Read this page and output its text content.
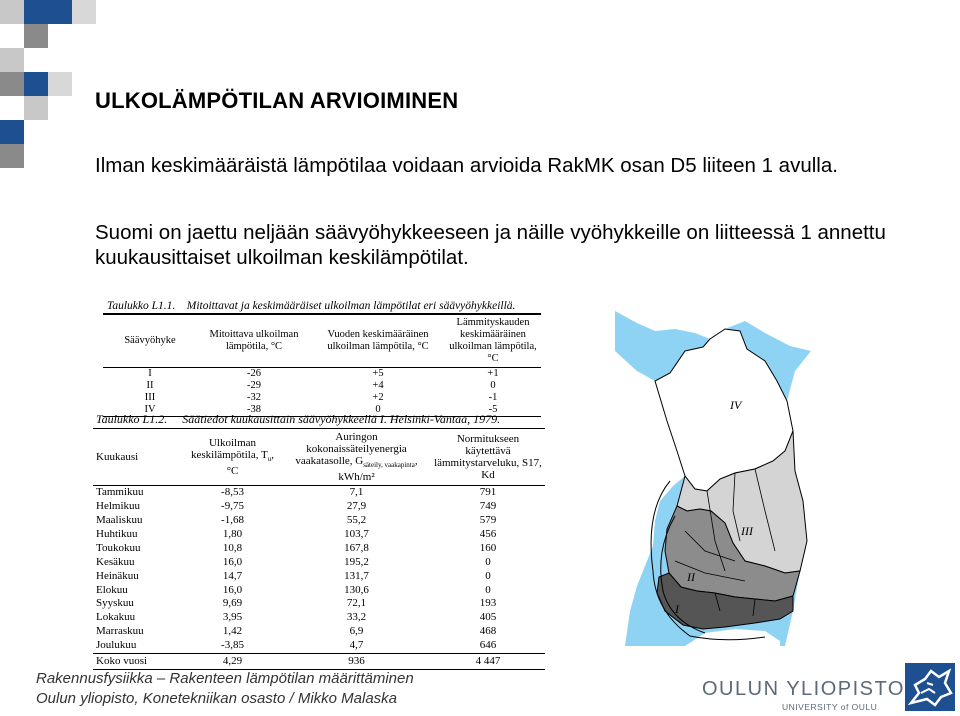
ULKOLÄMPÖTILAN ARVIOIMINEN
Ilman keskimääräistä lämpötilaa voidaan arvioida RakMK osan D5 liiteen 1 avulla.
Suomi on jaettu neljään säävyöhykkeeseen ja näille vyöhykkeille on liitteessä 1 annettu kuukausittaiset ulkoilman keskilämpötilat.
Taulukko L1.1. Mitoittavat ja keskimääräiset ulkoilman lämpötilat eri säävyöhykkeillä.
Säävyöhyke	Mitoittava ulkoilman lämpötila, °C	Vuoden keskimääräinen ulkoilman lämpötila, °C	Lämmityskauden keskimääräinen ulkoilman lämpötila, °C
I	-26	+5	+1
II	-29	+4	0
III	-32	+2	-1
IV	-38	0	-5
Taulukko L1.2. Säätiedot kuukausittain säävyöhykkeellä I. Helsinki-Vantaa, 1979.
Kuukausi	Ulkoilman keskilämpötila, $T_u$, °C	Auringon kokonaissäteilyenergia vaakatasolle, $G_{säteily, vaakapinta}$, kWh/m²	Normitukseen käytettävä lämmitystarveluku, S17, Kd
Tammikuu	-8,53	7,1	791
Helmikuu	-9,75	27,9	749
Maaliskuu	-1,68	55,2	579
Huhtikuu	1,80	103,7	456
Toukokuu	10,8	167,8	160
Kesäkuu	16,0	195,2	0
Heinäkuu	14,7	131,7	0
Elokuu	16,0	130,6	0
Syyskuu	9,69	72,1	193
Lokakuu	3,95	33,2	405
Marraskuu	1,42	6,9	468
Joulukuu	-3,85	4,7	646
Koko vuosi	4,29	936	4 447
IV
III
II
I
Rakennusfysiikka – Rakenteen lämpötilan määrittäminen
Oulun yliopisto, Konetekniikan osasto / Mikko Malaska	OULUN YLIOPISTO
UNIVERSITY of OULU
